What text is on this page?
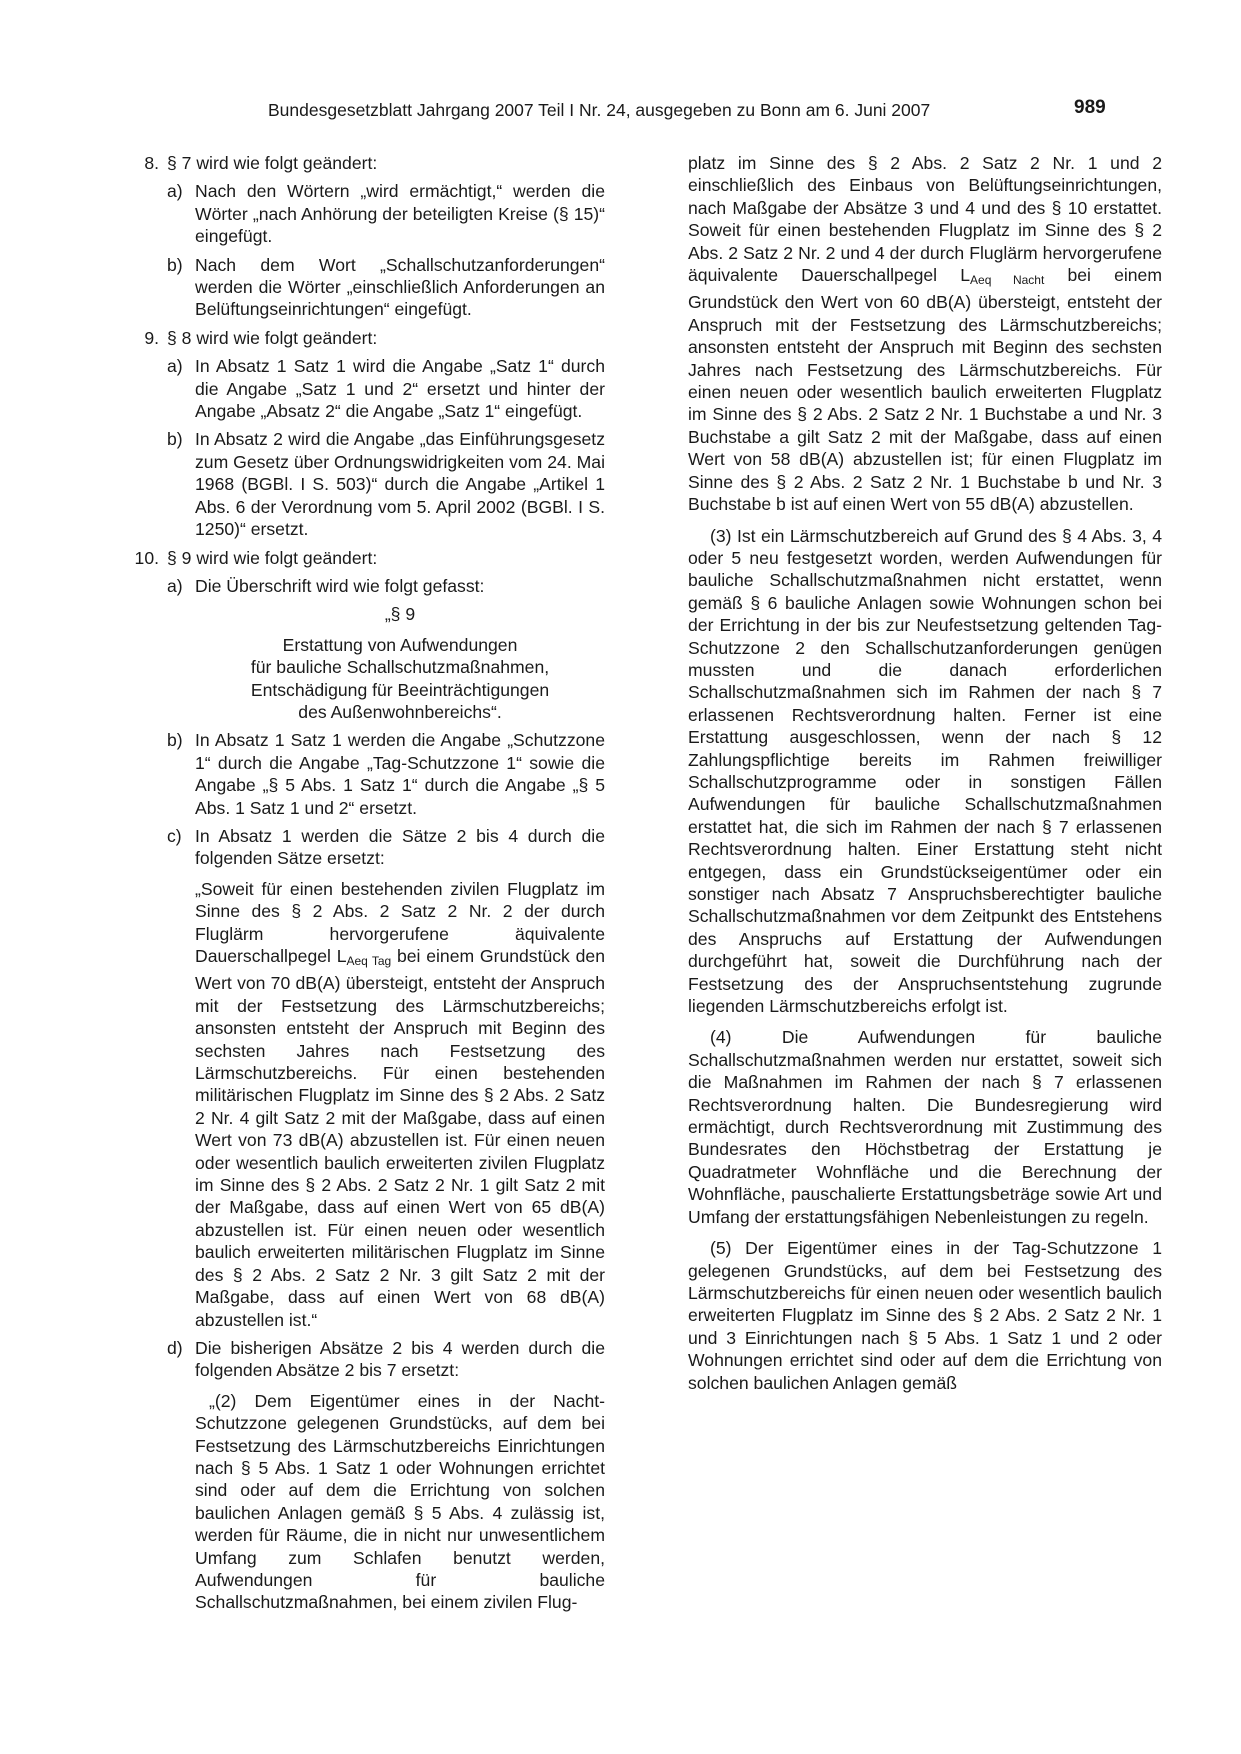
Bundesgesetzblatt Jahrgang 2007 Teil I Nr. 24, ausgegeben zu Bonn am 6. Juni 2007	989
8. § 7 wird wie folgt geändert:
a) Nach den Wörtern „wird ermächtigt,“ werden die Wörter „nach Anhörung der beteiligten Kreise (§ 15)“ eingefügt.
b) Nach dem Wort „Schallschutzanforderungen“ werden die Wörter „einschließlich Anforderungen an Belüftungseinrichtungen“ eingefügt.
9. § 8 wird wie folgt geändert:
a) In Absatz 1 Satz 1 wird die Angabe „Satz 1“ durch die Angabe „Satz 1 und 2“ ersetzt und hinter der Angabe „Absatz 2“ die Angabe „Satz 1“ eingefügt.
b) In Absatz 2 wird die Angabe „das Einführungsgesetz zum Gesetz über Ordnungswidrigkeiten vom 24. Mai 1968 (BGBl. I S. 503)“ durch die Angabe „Artikel 1 Abs. 6 der Verordnung vom 5. April 2002 (BGBl. I S. 1250)“ ersetzt.
10. § 9 wird wie folgt geändert:
a) Die Überschrift wird wie folgt gefasst:
„§ 9
Erstattung von Aufwendungen
für bauliche Schallschutzmaßnahmen,
Entschädigung für Beeinträchtigungen
des Außenwohnbereichs“.
b) In Absatz 1 Satz 1 werden die Angabe „Schutzzone 1“ durch die Angabe „Tag-Schutzzone 1“ sowie die Angabe „§ 5 Abs. 1 Satz 1“ durch die Angabe „§ 5 Abs. 1 Satz 1 und 2“ ersetzt.
c) In Absatz 1 werden die Sätze 2 bis 4 durch die folgenden Sätze ersetzt:
„Soweit für einen bestehenden zivilen Flugplatz im Sinne des § 2 Abs. 2 Satz 2 Nr. 2 der durch Fluglärm hervorgerufene äquivalente Dauerschallpegel LAeq Tag bei einem Grundstück den Wert von 70 dB(A) übersteigt, entsteht der Anspruch mit der Festsetzung des Lärmschutzbereichs; ansonsten entsteht der Anspruch mit Beginn des sechsten Jahres nach Festsetzung des Lärmschutzbereichs. Für einen bestehenden militärischen Flugplatz im Sinne des § 2 Abs. 2 Satz 2 Nr. 4 gilt Satz 2 mit der Maßgabe, dass auf einen Wert von 73 dB(A) abzustellen ist. Für einen neuen oder wesentlich baulich erweiterten zivilen Flugplatz im Sinne des § 2 Abs. 2 Satz 2 Nr. 1 gilt Satz 2 mit der Maßgabe, dass auf einen Wert von 65 dB(A) abzustellen ist. Für einen neuen oder wesentlich baulich erweiterten militärischen Flugplatz im Sinne des § 2 Abs. 2 Satz 2 Nr. 3 gilt Satz 2 mit der Maßgabe, dass auf einen Wert von 68 dB(A) abzustellen ist.“
d) Die bisherigen Absätze 2 bis 4 werden durch die folgenden Absätze 2 bis 7 ersetzt:
„(2) Dem Eigentümer eines in der Nacht-Schutzzone gelegenen Grundstücks, auf dem bei Festsetzung des Lärmschutzbereichs Einrichtungen nach § 5 Abs. 1 Satz 1 oder Wohnungen errichtet sind oder auf dem die Errichtung von solchen baulichen Anlagen gemäß § 5 Abs. 4 zulässig ist, werden für Räume, die in nicht nur unwesentlichem Umfang zum Schlafen benutzt werden, Aufwendungen für bauliche Schallschutzmaßnahmen, bei einem zivilen Flug-
platz im Sinne des § 2 Abs. 2 Satz 2 Nr. 1 und 2 einschließlich des Einbaus von Belüftungseinrichtungen, nach Maßgabe der Absätze 3 und 4 und des § 10 erstattet. Soweit für einen bestehenden Flugplatz im Sinne des § 2 Abs. 2 Satz 2 Nr. 2 und 4 der durch Fluglärm hervorgerufene äquivalente Dauerschallpegel LAeq Nacht bei einem Grundstück den Wert von 60 dB(A) übersteigt, entsteht der Anspruch mit der Festsetzung des Lärmschutzbereichs; ansonsten entsteht der Anspruch mit Beginn des sechsten Jahres nach Festsetzung des Lärmschutzbereichs. Für einen neuen oder wesentlich baulich erweiterten Flugplatz im Sinne des § 2 Abs. 2 Satz 2 Nr. 1 Buchstabe a und Nr. 3 Buchstabe a gilt Satz 2 mit der Maßgabe, dass auf einen Wert von 58 dB(A) abzustellen ist; für einen Flugplatz im Sinne des § 2 Abs. 2 Satz 2 Nr. 1 Buchstabe b und Nr. 3 Buchstabe b ist auf einen Wert von 55 dB(A) abzustellen.
(3) Ist ein Lärmschutzbereich auf Grund des § 4 Abs. 3, 4 oder 5 neu festgesetzt worden, werden Aufwendungen für bauliche Schallschutzmaßnahmen nicht erstattet, wenn gemäß § 6 bauliche Anlagen sowie Wohnungen schon bei der Errichtung in der bis zur Neufestsetzung geltenden Tag-Schutzzone 2 den Schallschutzanforderungen genügen mussten und die danach erforderlichen Schallschutzmaßnahmen sich im Rahmen der nach § 7 erlassenen Rechtsverordnung halten. Ferner ist eine Erstattung ausgeschlossen, wenn der nach § 12 Zahlungspflichtige bereits im Rahmen freiwilliger Schallschutzprogramme oder in sonstigen Fällen Aufwendungen für bauliche Schallschutzmaßnahmen erstattet hat, die sich im Rahmen der nach § 7 erlassenen Rechtsverordnung halten. Einer Erstattung steht nicht entgegen, dass ein Grundstückseigentümer oder ein sonstiger nach Absatz 7 Anspruchsberechtigter bauliche Schallschutzmaßnahmen vor dem Zeitpunkt des Entstehens des Anspruchs auf Erstattung der Aufwendungen durchgeführt hat, soweit die Durchführung nach der Festsetzung des der Anspruchsentstehung zugrunde liegenden Lärmschutzbereichs erfolgt ist.
(4) Die Aufwendungen für bauliche Schallschutzmaßnahmen werden nur erstattet, soweit sich die Maßnahmen im Rahmen der nach § 7 erlassenen Rechtsverordnung halten. Die Bundesregierung wird ermächtigt, durch Rechtsverordnung mit Zustimmung des Bundesrates den Höchstbetrag der Erstattung je Quadratmeter Wohnfläche und die Berechnung der Wohnfläche, pauschalierte Erstattungsbeträge sowie Art und Umfang der erstattungsfähigen Nebenleistungen zu regeln.
(5) Der Eigentümer eines in der Tag-Schutzzone 1 gelegenen Grundstücks, auf dem bei Festsetzung des Lärmschutzbereichs für einen neuen oder wesentlich baulich erweiterten Flugplatz im Sinne des § 2 Abs. 2 Satz 2 Nr. 1 und 3 Einrichtungen nach § 5 Abs. 1 Satz 1 und 2 oder Wohnungen errichtet sind oder auf dem die Errichtung von solchen baulichen Anlagen gemäß
